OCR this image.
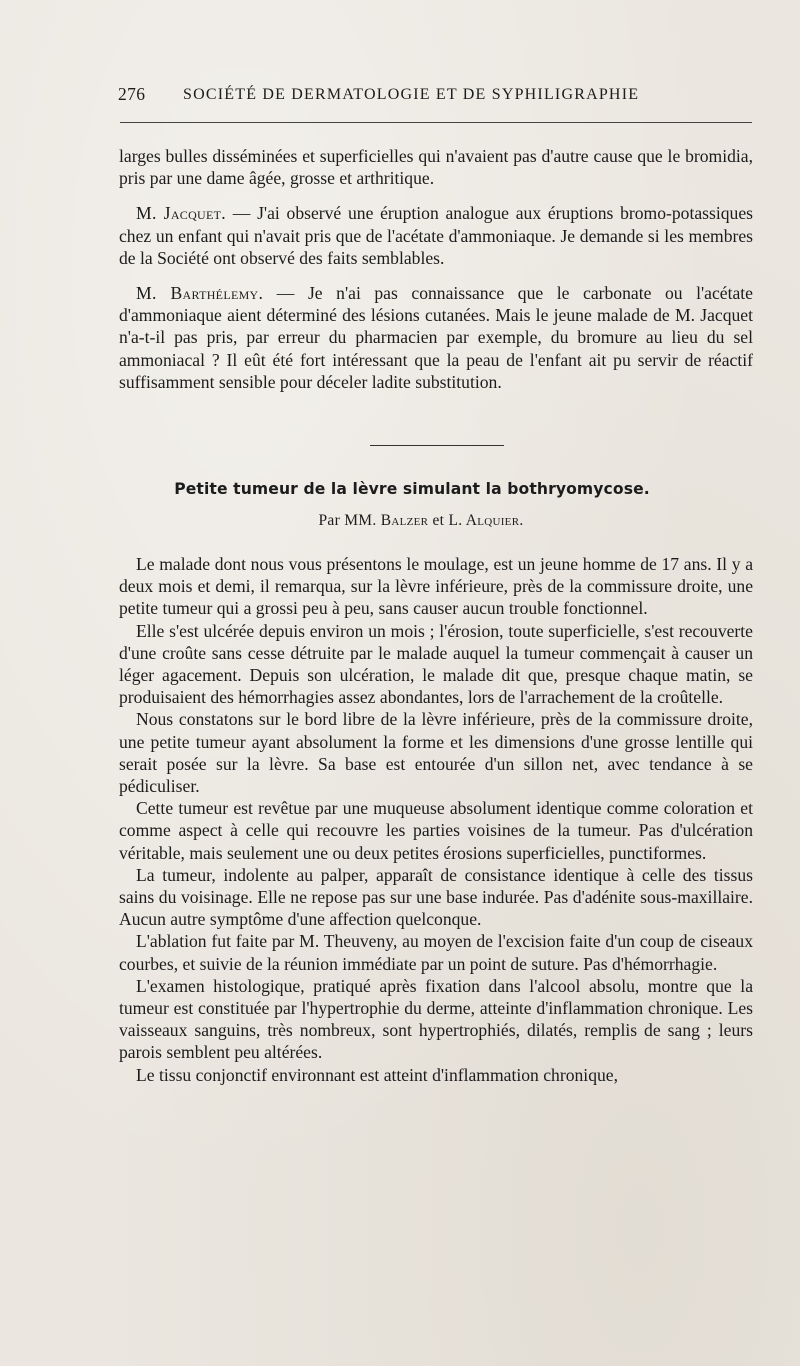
276 SOCIÉTÉ DE DERMATOLOGIE ET DE SYPHILIGRAPHIE

larges bulles disséminées et superficielles qui n'avaient pas d'autre cause que le bromidia, pris par une dame âgée, grosse et arthritique.

M. Jacquet. — J'ai observé une éruption analogue aux éruptions bromo-potassiques chez un enfant qui n'avait pris que de l'acétate d'ammoniaque. Je demande si les membres de la Société ont observé des faits semblables.

M. Barthélemy. — Je n'ai pas connaissance que le carbonate ou l'acétate d'ammoniaque aient déterminé des lésions cutanées. Mais le jeune malade de M. Jacquet n'a-t-il pas pris, par erreur du pharmacien par exemple, du bromure au lieu du sel ammoniacal ? Il eût été fort intéressant que la peau de l'enfant ait pu servir de réactif suffisamment sensible pour déceler ladite substitution.

Petite tumeur de la lèvre simulant la bothryomycose.
Par MM. Balzer et L. Alquier.

Le malade dont nous vous présentons le moulage, est un jeune homme de 17 ans. Il y a deux mois et demi, il remarqua, sur la lèvre inférieure, près de la commissure droite, une petite tumeur qui a grossi peu à peu, sans causer aucun trouble fonctionnel.

Elle s'est ulcérée depuis environ un mois ; l'érosion, toute superficielle, s'est recouverte d'une croûte sans cesse détruite par le malade auquel la tumeur commençait à causer un léger agacement. Depuis son ulcération, le malade dit que, presque chaque matin, se produisaient des hémorrhagies assez abondantes, lors de l'arrachement de la croûtelle.

Nous constatons sur le bord libre de la lèvre inférieure, près de la commissure droite, une petite tumeur ayant absolument la forme et les dimensions d'une grosse lentille qui serait posée sur la lèvre. Sa base est entourée d'un sillon net, avec tendance à se pédiculiser.

Cette tumeur est revêtue par une muqueuse absolument identique comme coloration et comme aspect à celle qui recouvre les parties voisines de la tumeur. Pas d'ulcération véritable, mais seulement une ou deux petites érosions superficielles, punctiformes.

La tumeur, indolente au palper, apparaît de consistance identique à celle des tissus sains du voisinage. Elle ne repose pas sur une base indurée. Pas d'adénite sous-maxillaire. Aucun autre symptôme d'une affection quelconque.

L'ablation fut faite par M. Theuveny, au moyen de l'excision faite d'un coup de ciseaux courbes, et suivie de la réunion immédiate par un point de suture. Pas d'hémorrhagie.

L'examen histologique, pratiqué après fixation dans l'alcool absolu, montre que la tumeur est constituée par l'hypertrophie du derme, atteinte d'inflammation chronique. Les vaisseaux sanguins, très nombreux, sont hypertrophiés, dilatés, remplis de sang ; leurs parois semblent peu altérées.

Le tissu conjonctif environnant est atteint d'inflammation chronique,
